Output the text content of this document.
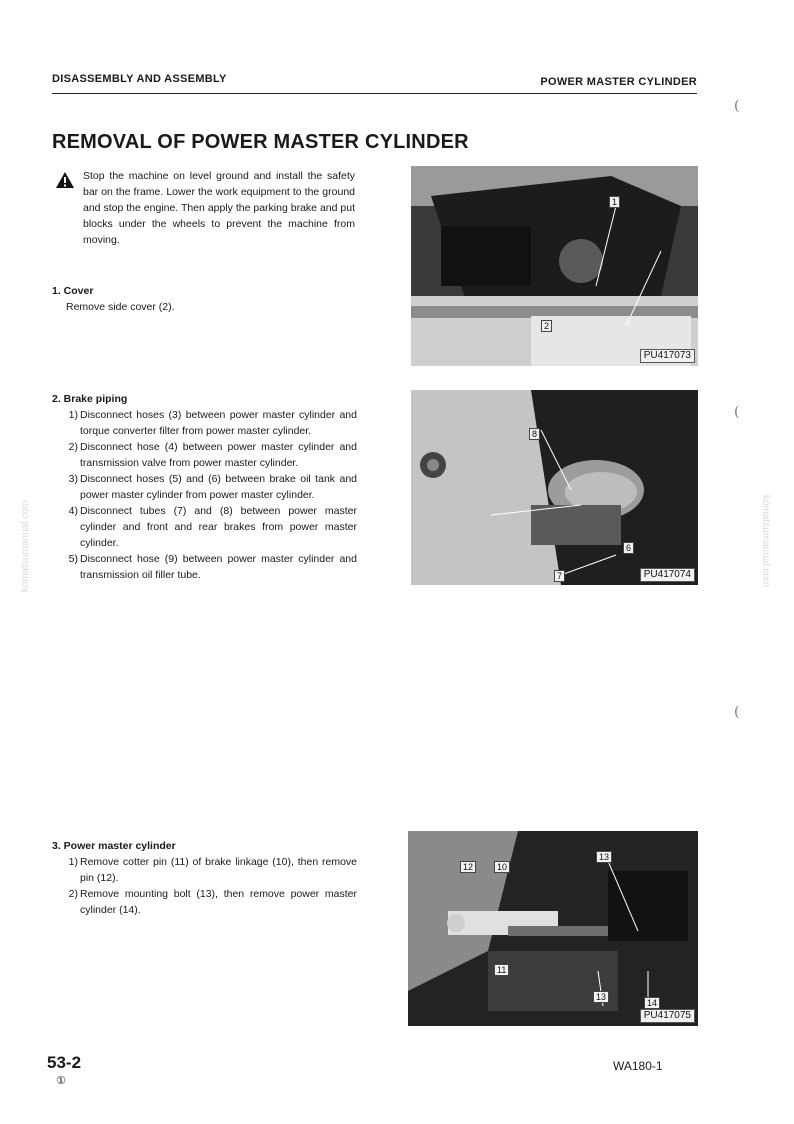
DISASSEMBLY AND ASSEMBLY	POWER MASTER CYLINDER
REMOVAL OF POWER MASTER CYLINDER
Stop the machine on level ground and install the safety bar on the frame. Lower the work equipment to the ground and stop the engine. Then apply the parking brake and put blocks under the wheels to prevent the machine from moving.
1. Cover
Remove side cover (2).
2. Brake piping
1) Disconnect hoses (3) between power master cylinder and torque converter filter from power master cylinder.
2) Disconnect hose (4) between power master cylinder and transmission valve from power master cylinder.
3) Disconnect hoses (5) and (6) between brake oil tank and power master cylinder from power master cylinder.
4) Disconnect tubes (7) and (8) between power master cylinder and front and rear brakes from power master cylinder.
5) Disconnect hose (9) between power master cylinder and transmission oil filler tube.
3. Power master cylinder
1) Remove cotter pin (11) of brake linkage (10), then remove pin (12).
2) Remove mounting bolt (13), then remove power master cylinder (14).
1
2
PU417073
8
6
7	PU417074
12	10
13
11
13
14
PU417075
(
(
(
komatsumanual.com	komatsumanual.com
53-2
①
WA180-1
